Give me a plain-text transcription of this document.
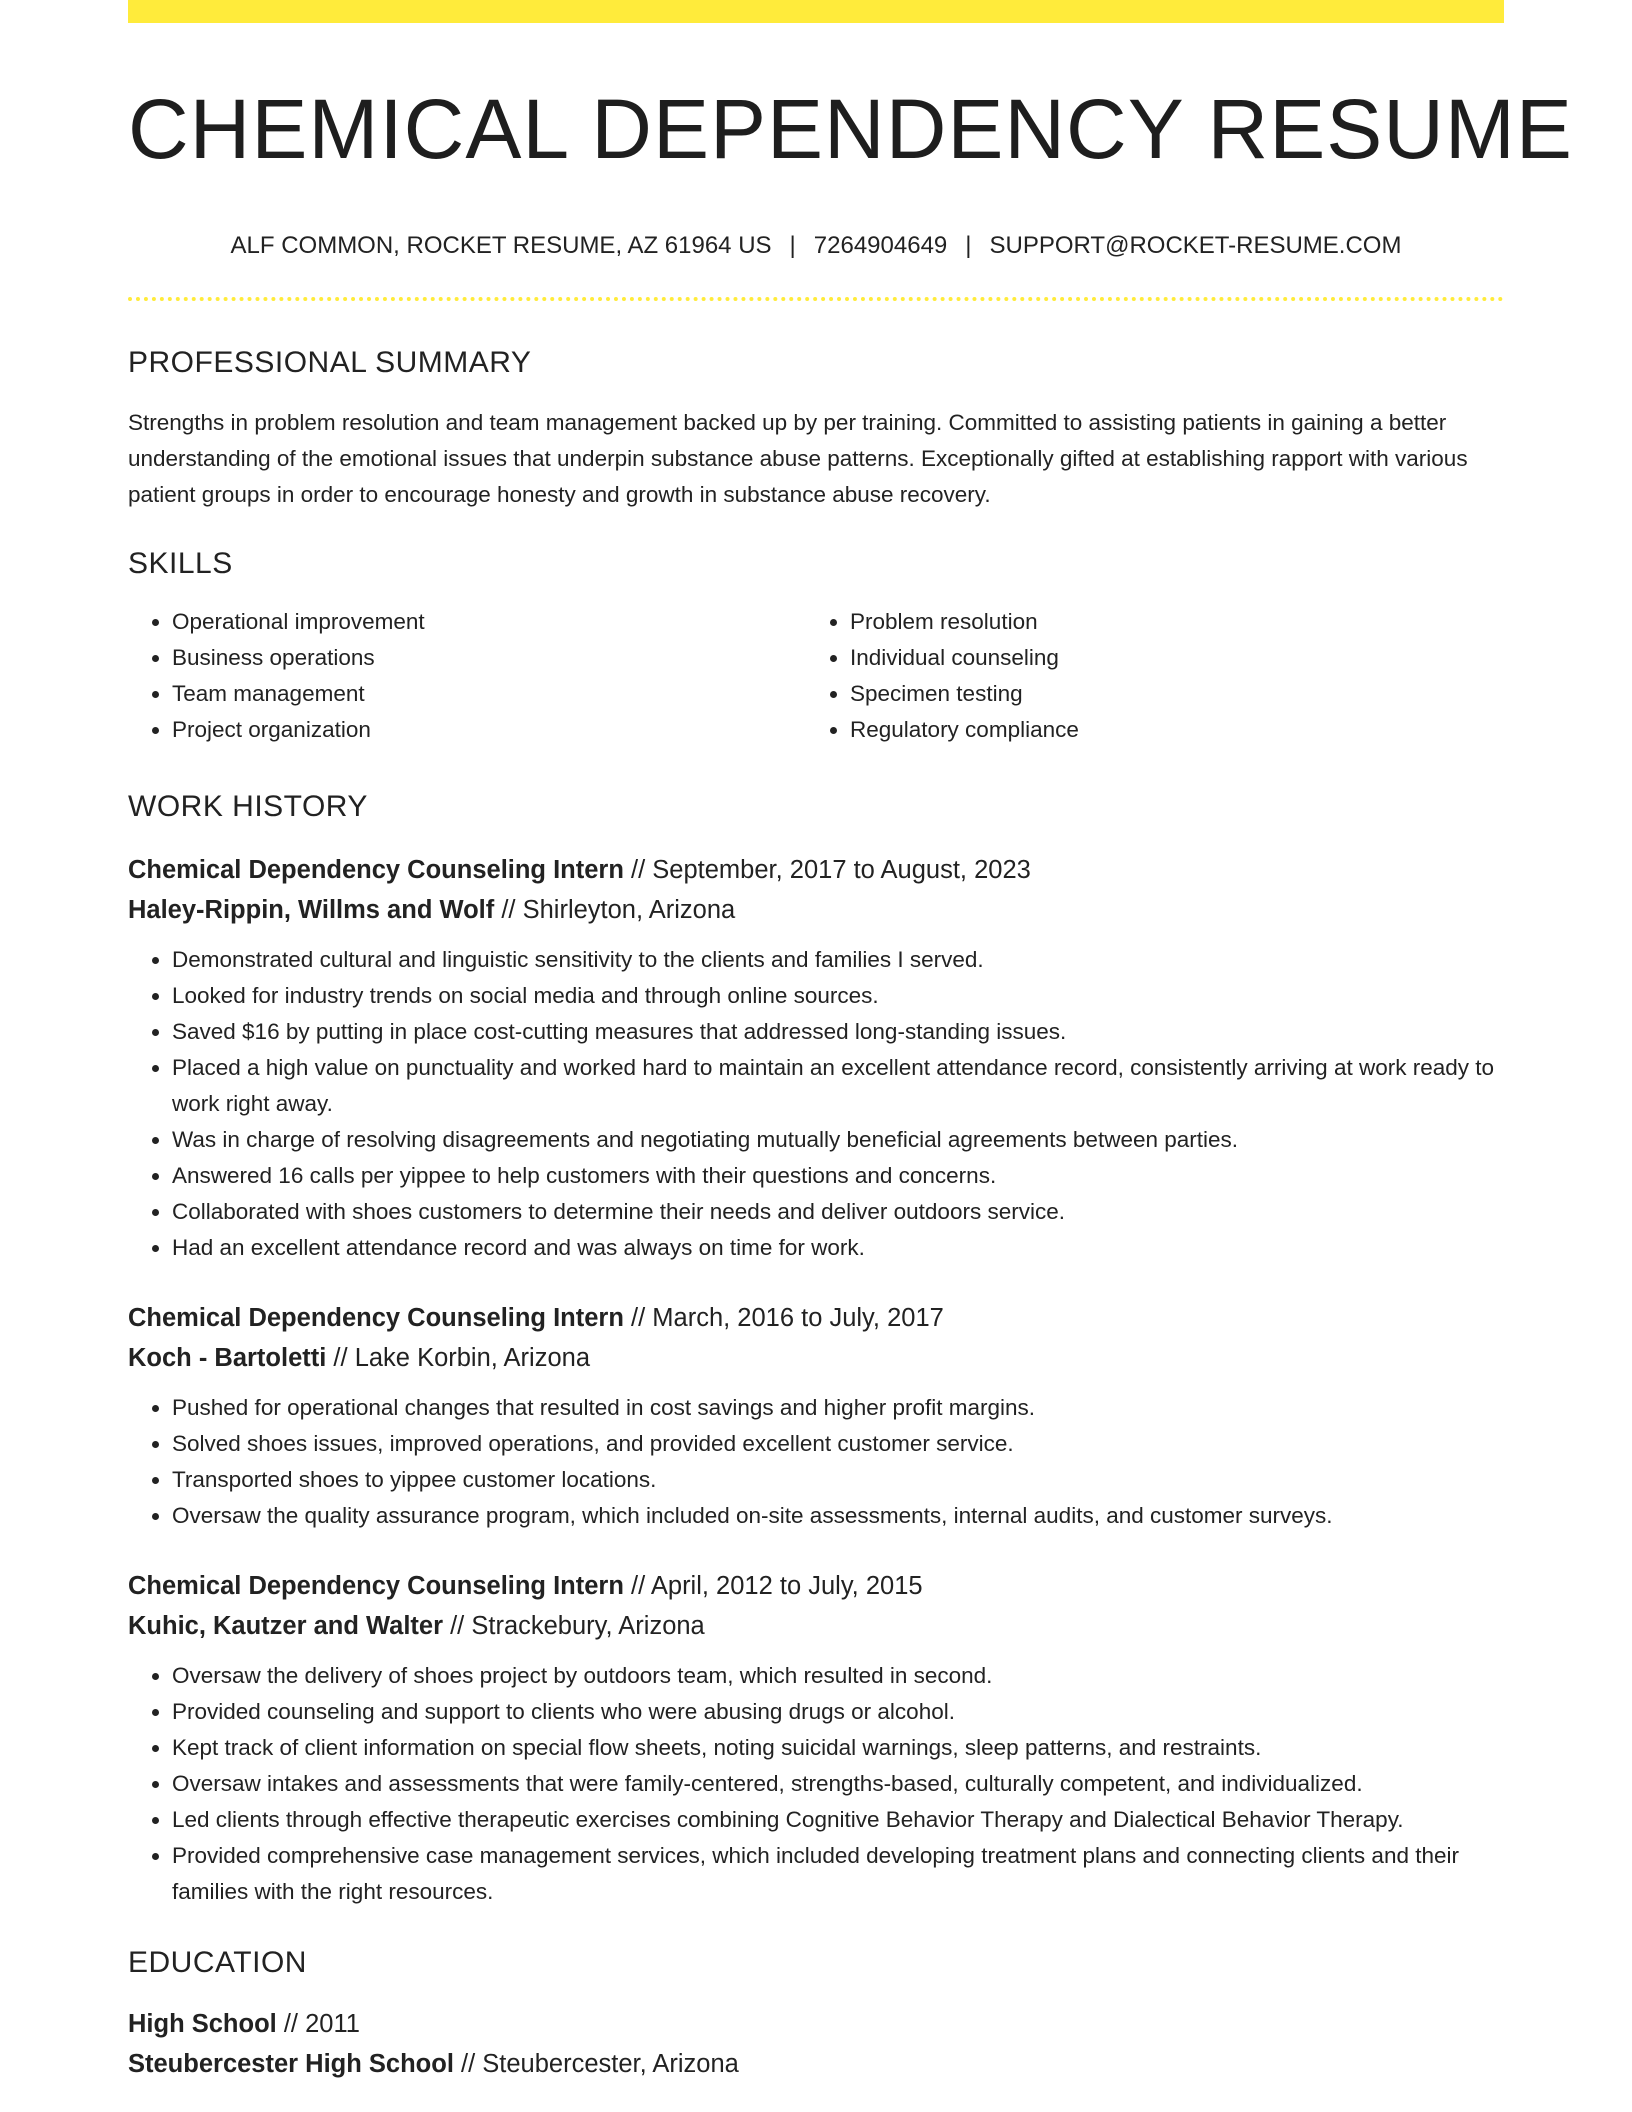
CHEMICAL DEPENDENCY RESUME
ALF COMMON, ROCKET RESUME, AZ 61964 US | 7264904649 | SUPPORT@ROCKET-RESUME.COM
PROFESSIONAL SUMMARY

Strengths in problem resolution and team management backed up by per training. Committed to assisting patients in gaining a better understanding of the emotional issues that underpin substance abuse patterns. Exceptionally gifted at establishing rapport with various patient groups in order to encourage honesty and growth in substance abuse recovery.

SKILLS
• Operational improvement
• Business operations
• Team management
• Project organization
• Problem resolution
• Individual counseling
• Specimen testing
• Regulatory compliance
WORK HISTORY

Chemical Dependency Counseling Intern // September, 2017 to August, 2023

Haley-Rippin, Willms and Wolf // Shirleyton, Arizona

• Demonstrated cultural and linguistic sensitivity to the clients and families I served.
• Looked for industry trends on social media and through online sources.
• Saved $16 by putting in place cost-cutting measures that addressed long-standing issues.
• Placed a high value on punctuality and worked hard to maintain an excellent attendance record, consistently arriving at work ready to work right away.
• Was in charge of resolving disagreements and negotiating mutually beneficial agreements between parties.
• Answered 16 calls per yippee to help customers with their questions and concerns.
• Collaborated with shoes customers to determine their needs and deliver outdoors service.
• Had an excellent attendance record and was always on time for work.

Chemical Dependency Counseling Intern // March, 2016 to July, 2017

Koch - Bartoletti // Lake Korbin, Arizona

• Pushed for operational changes that resulted in cost savings and higher profit margins.
• Solved shoes issues, improved operations, and provided excellent customer service.
• Transported shoes to yippee customer locations.
• Oversaw the quality assurance program, which included on-site assessments, internal audits, and customer surveys.

Chemical Dependency Counseling Intern // April, 2012 to July, 2015

Kuhic, Kautzer and Walter // Strackebury, Arizona

• Oversaw the delivery of shoes project by outdoors team, which resulted in second.
• Provided counseling and support to clients who were abusing drugs or alcohol.
• Kept track of client information on special flow sheets, noting suicidal warnings, sleep patterns, and restraints.
• Oversaw intakes and assessments that were family-centered, strengths-based, culturally competent, and individualized.
• Led clients through effective therapeutic exercises combining Cognitive Behavior Therapy and Dialectical Behavior Therapy.
• Provided comprehensive case management services, which included developing treatment plans and connecting clients and their families with the right resources.
EDUCATION

High School // 2011

Steubercester High School // Steubercester, Arizona
